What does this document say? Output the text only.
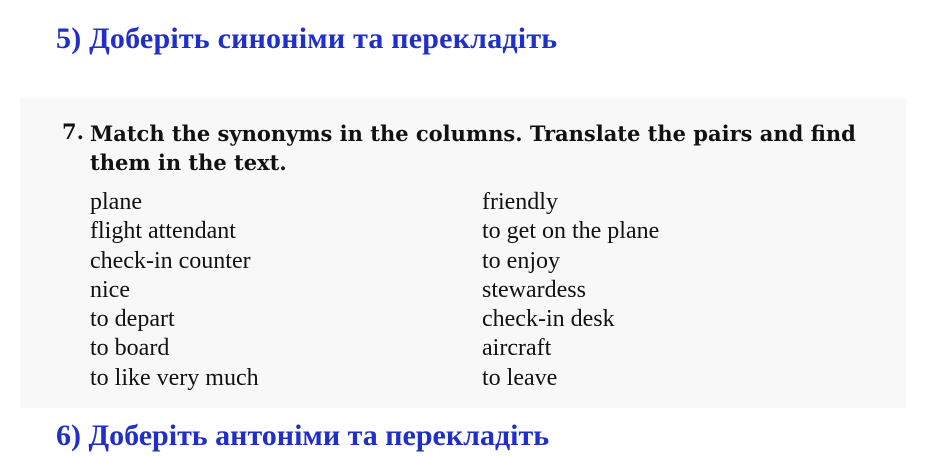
5) Доберіть синоніми та перекладіть
7. Match the synonyms in the columns. Translate the pairs and find them in the text.
plane
flight attendant
check-in counter
nice
to depart
to board
to like very much
friendly
to get on the plane
to enjoy
stewardess
check-in desk
aircraft
to leave
6) Доберіть антоніми та перекладіть
